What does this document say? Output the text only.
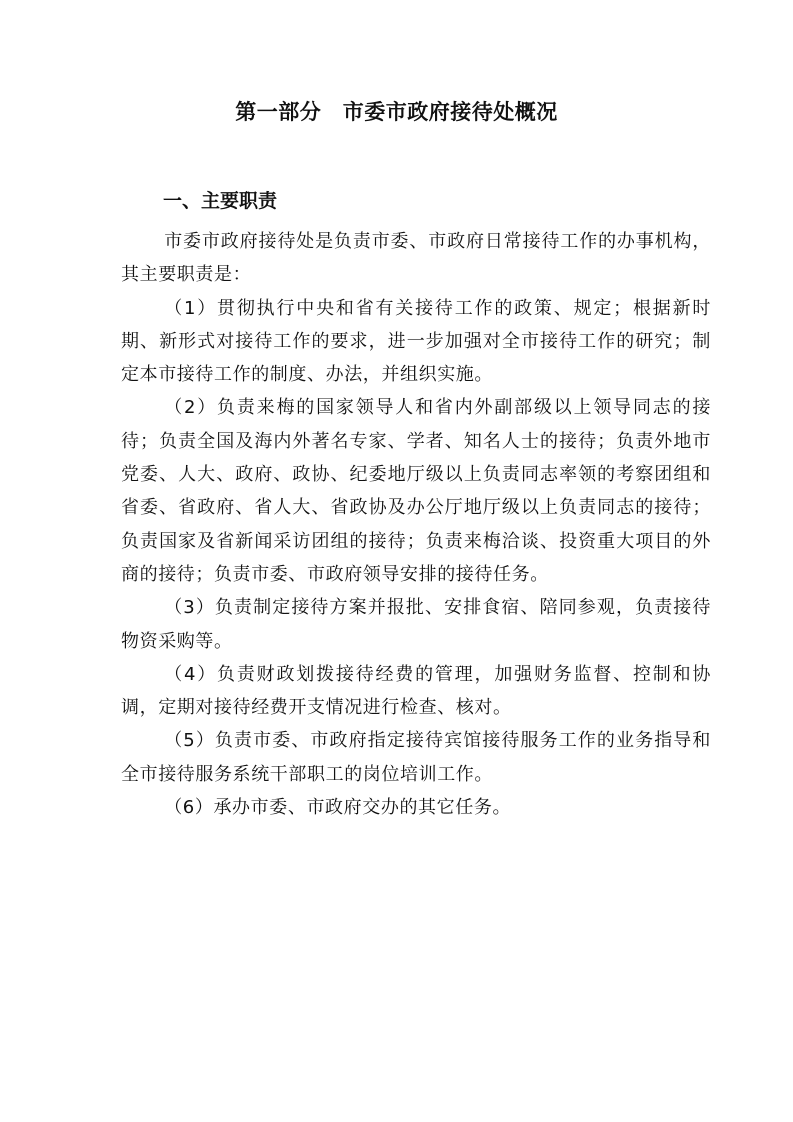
第一部分　市委市政府接待处概况
一、主要职责

市委市政府接待处是负责市委、市政府日常接待工作的办事机构，其主要职责是：

（1）贯彻执行中央和省有关接待工作的政策、规定；根据新时期、新形式对接待工作的要求，进一步加强对全市接待工作的研究；制定本市接待工作的制度、办法，并组织实施。

（2）负责来梅的国家领导人和省内外副部级以上领导同志的接待；负责全国及海内外著名专家、学者、知名人士的接待；负责外地市党委、人大、政府、政协、纪委地厅级以上负责同志率领的考察团组和省委、省政府、省人大、省政协及办公厅地厅级以上负责同志的接待；负责国家及省新闻采访团组的接待；负责来梅洽谈、投资重大项目的外商的接待；负责市委、市政府领导安排的接待任务。

（3）负责制定接待方案并报批、安排食宿、陪同参观，负责接待物资采购等。

（4）负责财政划拨接待经费的管理，加强财务监督、控制和协调，定期对接待经费开支情况进行检查、核对。

（5）负责市委、市政府指定接待宾馆接待服务工作的业务指导和全市接待服务系统干部职工的岗位培训工作。

（6）承办市委、市政府交办的其它任务。
